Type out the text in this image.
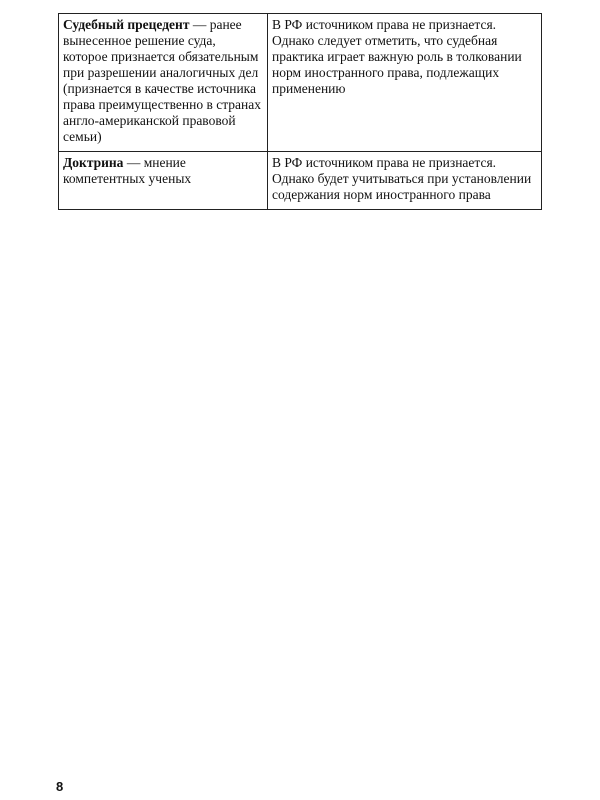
Судебный прецедент — ранее вынесенное решение суда, которое признается обязательным при разрешении аналогичных дел (признается в качестве источника права преимущественно в странах англо-американской правовой семьи)	В РФ источником права не признается. Однако следует отметить, что судебная практика играет важную роль в толковании норм иностранного права, подлежащих применению
Доктрина — мнение компетентных ученых	В РФ источником права не признается. Однако будет учитываться при установлении содержания норм иностранного права
8
